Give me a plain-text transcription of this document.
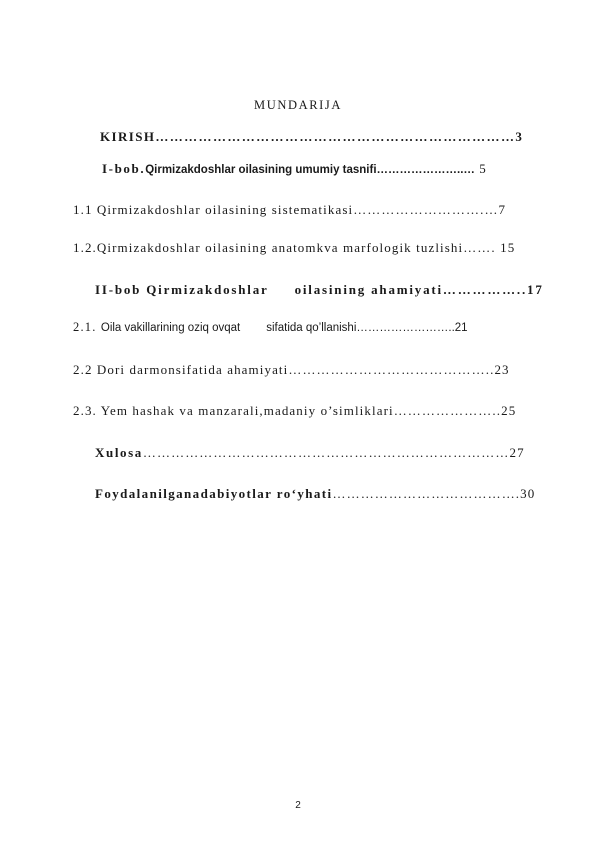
MUNDARIJA
KIRISH…………………………………………………………………3
I-bob.Qirmizakdoshlar oilasining umumiy tasnifi…………………..… 5
1.1 Qirmizakdoshlar oilasining sistematikasi……………………….…7
1.2.Qirmizakdoshlar oilasining anatomkva marfologik tuzlishi……. 15
II-bob Qirmizakdoshlar oilasining ahamiyati……………..17
2.1. Oila vakillarining oziq ovqat sifatida qo’llanishi……………………..21
2.2 Dori darmonsifatida ahamiyati……………………………………..23
2.3. Yem hashak va manzarali,madaniy o’simliklari…………………..25
Xulosa……………………………………………………………………27
Foydalanilganadabiyotlar ro‘yhati………………………………….30
2
